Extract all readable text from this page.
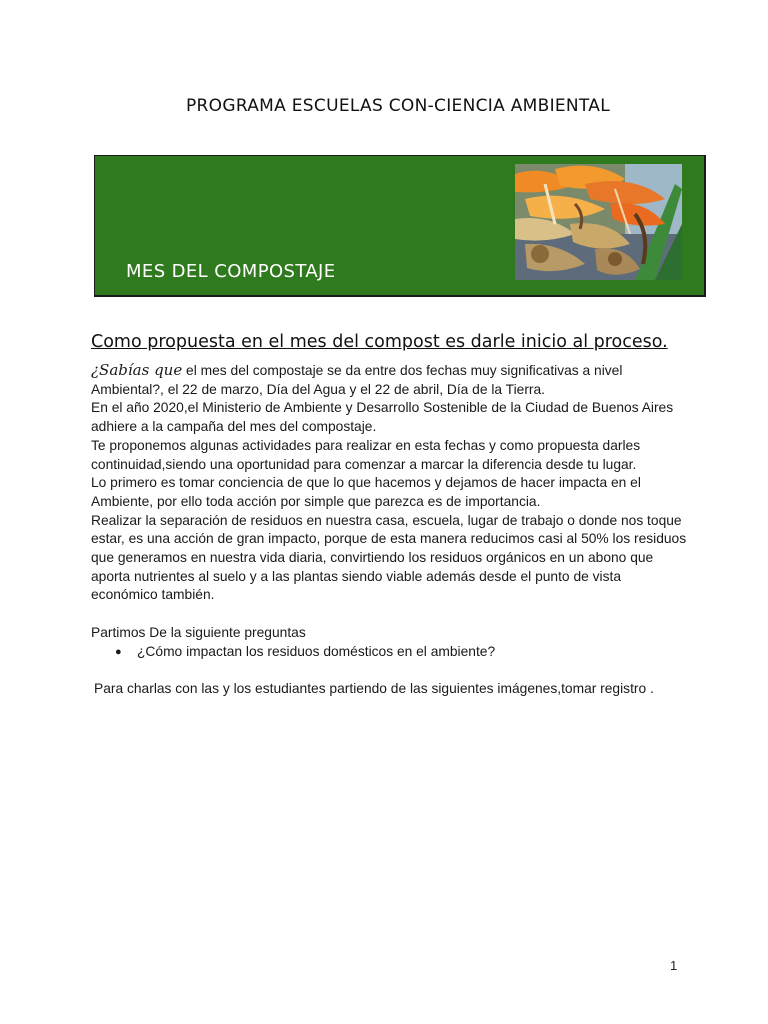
PROGRAMA ESCUELAS CON-CIENCIA AMBIENTAL
MES DEL COMPOSTAJE
Como propuesta en el mes del compost es darle inicio al proceso.

¿Sabías que el mes del compostaje se da entre dos fechas muy significativas a nivel Ambiental?, el 22 de marzo, Día del Agua y el 22 de abril, Día de la Tierra.

En el año 2020,el Ministerio de Ambiente y Desarrollo Sostenible de la Ciudad de Buenos Aires adhiere a la campaña del mes del compostaje.

Te proponemos algunas actividades para realizar en esta fechas y como propuesta darles continuidad,siendo una oportunidad para comenzar a marcar la diferencia desde tu lugar.

Lo primero es tomar conciencia de que lo que hacemos y dejamos de hacer impacta en el Ambiente, por ello toda acción por simple que parezca es de importancia.

Realizar la separación de residuos en nuestra casa, escuela, lugar de trabajo o donde nos toque estar, es una acción de gran impacto, porque de esta manera reducimos casi al 50% los residuos que generamos en nuestra vida diaria, convirtiendo los residuos orgánicos en un abono que aporta nutrientes al suelo y a las plantas siendo viable además desde el punto de vista económico también.

Partimos De la siguiente preguntas

● ¿Cómo impactan los residuos domésticos en el ambiente?

Para charlas con las y los estudiantes partiendo de las siguientes imágenes,tomar registro .

1
